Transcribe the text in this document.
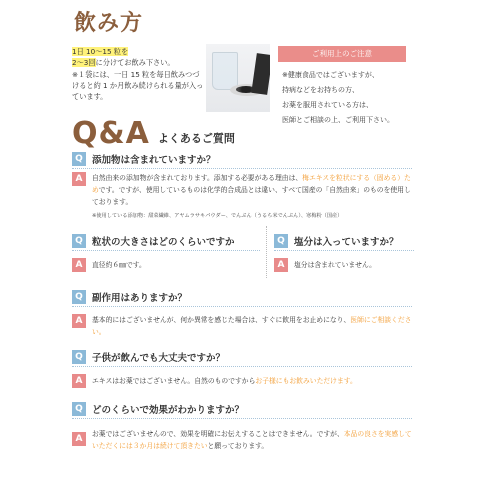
飲み方
1日 10～15 粒を
2～3回に分けてお飲み下さい。
※１袋には、一日 15 粒を毎日飲みつづけると約 1 か月飲み続けられる量が入っています。
ご利用上のご注意
※健康食品ではございますが、
持病などをお持ちの方、
お薬を服用されている方は、
医師とご相談の上、ご利用下さい。
Q&A よくあるご質問
Q 添加物は含まれていますか？
A	自然由来の添加物が含まれております。添加する必要がある理由は、梅エキスを粒状にする（固める）ためです。ですが、使用しているものは化学的合成品とは違い、すべて国産の「自然由来」のものを使用しております。
※使用している添加物：甜菜繊維、アヤムラサキパウダー、でんぷん（うるち米でんぷん）、寒梅粉（国産）
Q 粒状の大きさはどのくらいですか
A	直径約６㎜です。
Q 塩分は入っていますか？
A	塩分は含まれていません。
Q 副作用はありますか？
A	基本的にはございませんが、何か異常を感じた場合は、すぐに飲用をお止めになり、医師にご相談ください。
Q 子供が飲んでも大丈夫ですか？
A	エキスはお薬ではございません。自然のものですからお子様にもお飲みいただけます。
Q どのくらいで効果がわかりますか？
A	お薬ではございませんので、効果を明確にお伝えすることはできません。ですが、本品の良さを実感していただくには３か月は続けて頂きたいと願っております。
